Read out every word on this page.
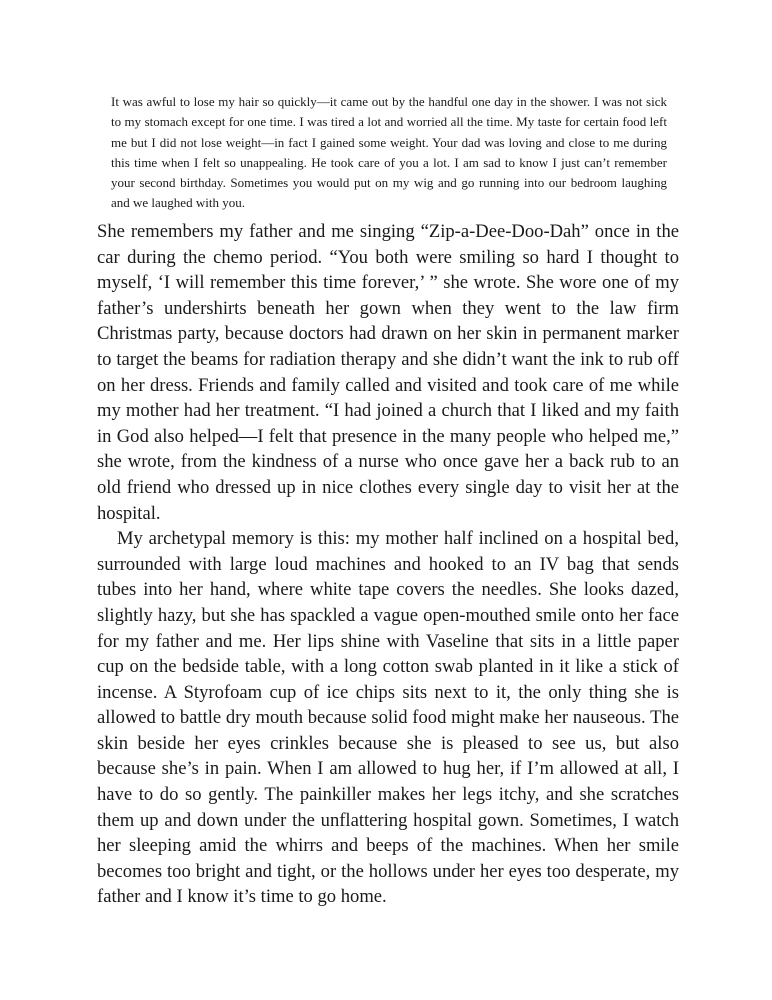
It was awful to lose my hair so quickly—it came out by the handful one day in the shower. I was not sick to my stomach except for one time. I was tired a lot and worried all the time. My taste for certain food left me but I did not lose weight—in fact I gained some weight. Your dad was loving and close to me during this time when I felt so unappealing. He took care of you a lot. I am sad to know I just can’t remember your second birthday. Sometimes you would put on my wig and go running into our bedroom laughing and we laughed with you.

She remembers my father and me singing “Zip-a-Dee-Doo-Dah” once in the car during the chemo period. “You both were smiling so hard I thought to myself, ‘I will remember this time forever,’ ” she wrote. She wore one of my father’s undershirts beneath her gown when they went to the law firm Christmas party, because doctors had drawn on her skin in permanent marker to target the beams for radiation therapy and she didn’t want the ink to rub off on her dress. Friends and family called and visited and took care of me while my mother had her treatment. “I had joined a church that I liked and my faith in God also helped—I felt that presence in the many people who helped me,” she wrote, from the kindness of a nurse who once gave her a back rub to an old friend who dressed up in nice clothes every single day to visit her at the hospital.

My archetypal memory is this: my mother half inclined on a hospital bed, surrounded with large loud machines and hooked to an IV bag that sends tubes into her hand, where white tape covers the needles. She looks dazed, slightly hazy, but she has spackled a vague open-mouthed smile onto her face for my father and me. Her lips shine with Vaseline that sits in a little paper cup on the bedside table, with a long cotton swab planted in it like a stick of incense. A Styrofoam cup of ice chips sits next to it, the only thing she is allowed to battle dry mouth because solid food might make her nauseous. The skin beside her eyes crinkles because she is pleased to see us, but also because she’s in pain. When I am allowed to hug her, if I’m allowed at all, I have to do so gently. The painkiller makes her legs itchy, and she scratches them up and down under the unflattering hospital gown. Sometimes, I watch her sleeping amid the whirrs and beeps of the machines. When her smile becomes too bright and tight, or the hollows under her eyes too desperate, my father and I know it’s time to go home.
